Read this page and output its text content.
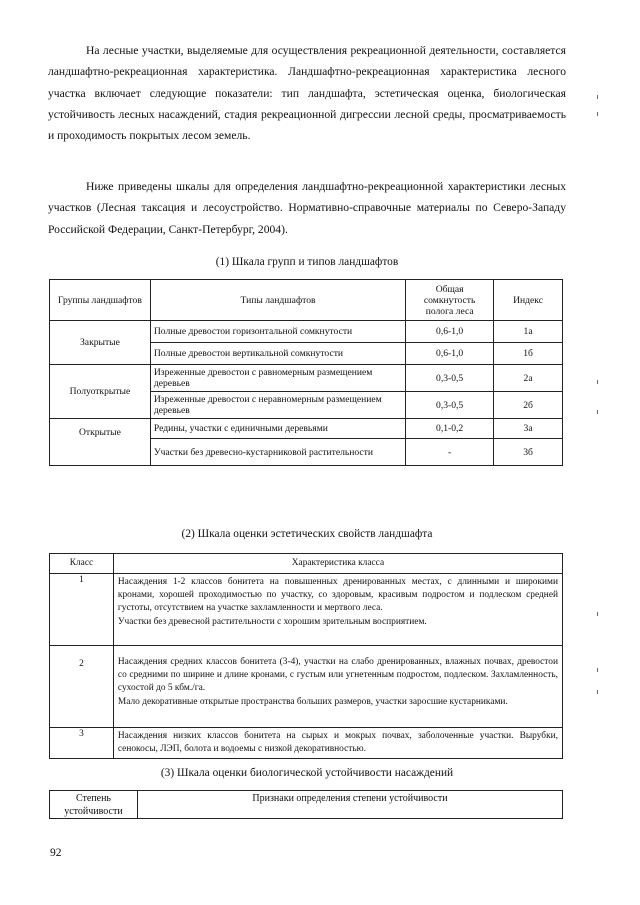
На лесные участки, выделяемые для осуществления рекреационной деятельности, составляется ландшафтно-рекреационная характеристика. Ландшафтно-рекреационная характеристика лесного участка включает следующие показатели: тип ландшафта, эстетическая оценка, биологическая устойчивость лесных насаждений, стадия рекреационной дигрессии лесной среды, просматриваемость и проходимость покрытых лесом земель.
Ниже приведены шкалы для определения ландшафтно-рекреационной характеристики лесных участков (Лесная таксация и лесоустройство. Нормативно-справочные материалы по Северо-Западу Российской Федерации, Санкт-Петербург, 2004).
(1) Шкала групп и типов ландшафтов
Группы ландшафтов	Типы ландшафтов	Общая сомкнутость полога леса	Индекс
Закрытые	Полные древостои горизонтальной сомкнутости	0,6-1,0	1а
	Полные древостои вертикальной сомкнутости	0,6-1,0	1б
Полуоткрытые	Изреженные древостои с равномерным размещением деревьев	0,3-0,5	2а
	Изреженные древостои с неравномерным размещением деревьев	0,3-0,5	2б
Открытые	Редины, участки с единичными деревьями	0,1-0,2	3а
	Участки без древесно-кустарниковой растительности	-	3б
(2) Шкала оценки эстетических свойств ландшафта
Класс	Характеристика класса
1	Насаждения 1-2 классов бонитета на повышенных дренированных местах, с длинными и широкими кронами, хорошей проходимостью по участку, со здоровым, красивым подростом и подлеском средней густоты, отсутствием на участке захламленности и мертвого леса.
Участки без древесной растительности с хорошим зрительным восприятием.

2	Насаждения средних классов бонитета (3-4), участки на слабо дренированных, влажных почвах, древостои со средними по ширине и длине кронами, с густым или угнетенным подростом, подлеском. Захламленность, сухостой до 5 кбм./га.
Мало декоративные открытые пространства больших размеров, участки заросшие кустарниками.

3	Насаждения низких классов бонитета на сырых и мокрых почвах, заболоченные участки. Вырубки, сенокосы, ЛЭП, болота и водоемы с низкой декоративностью.
(3) Шкала оценки биологической устойчивости насаждений
Степень устойчивости	Признаки определения степени устойчивости
92
